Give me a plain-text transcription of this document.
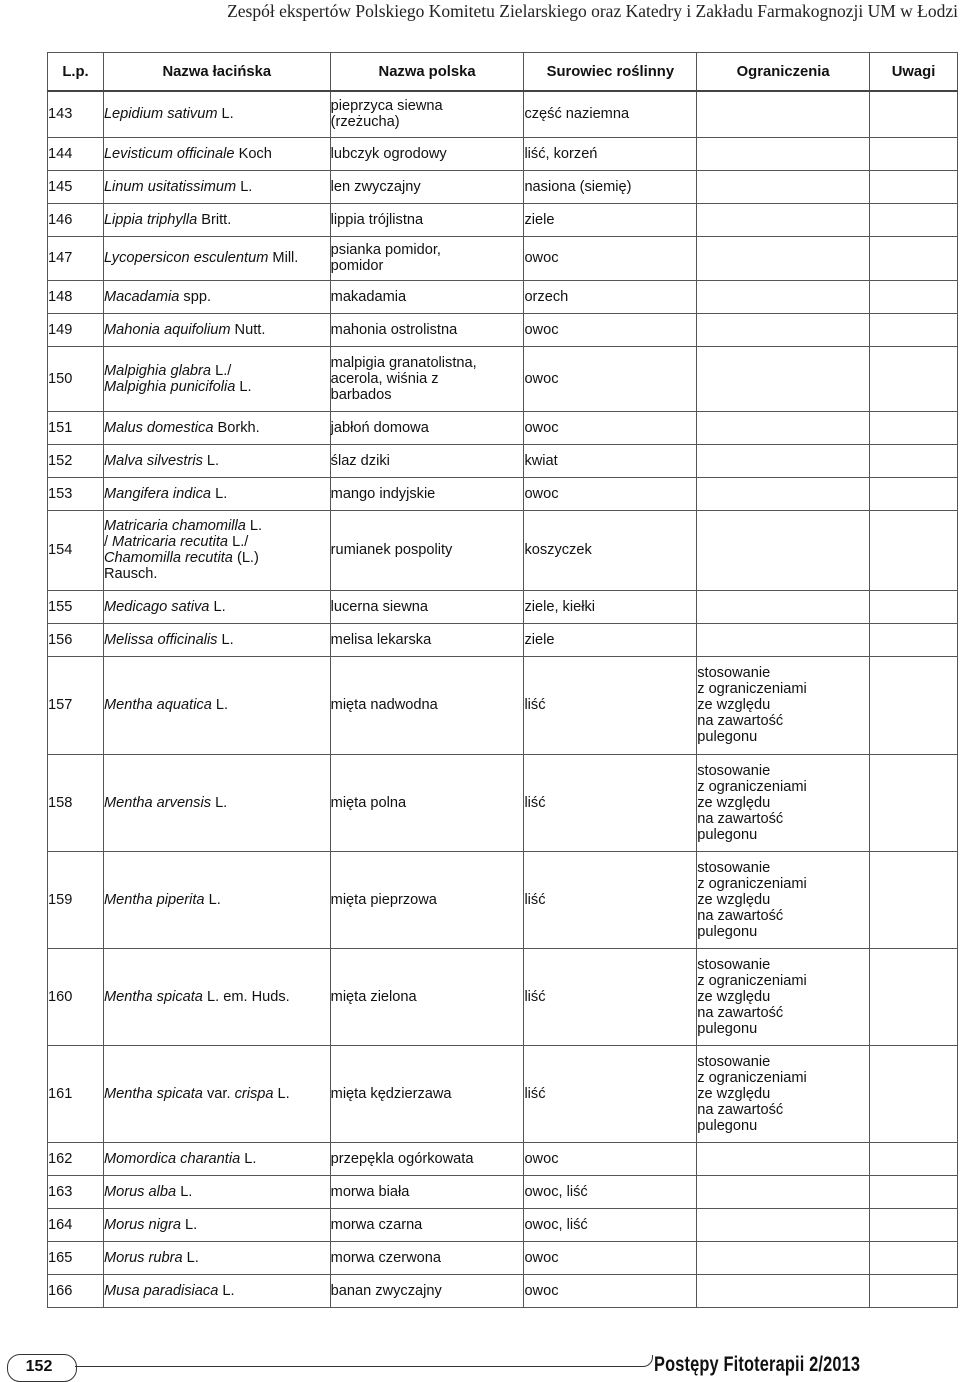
Zespół ekspertów Polskiego Komitetu Zielarskiego oraz Katedry i Zakładu Farmakognozji UM w Łodzi
L.p.	Nazwa łacińska	Nazwa polska	Surowiec roślinny	Ograniczenia	Uwagi
143	Lepidium sativum L.	pieprzyca siewna
(rzeżucha)	część naziemna		
144	Levisticum officinale Koch	lubczyk ogrodowy	liść, korzeń		
145	Linum usitatissimum L.	len zwyczajny	nasiona (siemię)		
146	Lippia triphylla Britt.	lippia trójlistna	ziele		
147	Lycopersicon esculentum Mill.	psianka pomidor,
pomidor	owoc		
148	Macadamia spp.	makadamia	orzech		
149	Mahonia aquifolium Nutt.	mahonia ostrolistna	owoc		
150	Malpighia glabra L./
Malpighia punicifolia L.	malpigia granatolistna,
acerola, wiśnia z
barbados	owoc		
151	Malus domestica Borkh.	jabłoń domowa	owoc		
152	Malva silvestris L.	ślaz dziki	kwiat		
153	Mangifera indica L.	mango indyjskie	owoc		
154	Matricaria chamomilla L.
/ Matricaria recutita L./
Chamomilla recutita (L.)
Rausch.	rumianek pospolity	koszyczek		
155	Medicago sativa L.	lucerna siewna	ziele, kiełki		
156	Melissa officinalis L.	melisa lekarska	ziele		
157	Mentha aquatica L.	mięta nadwodna	liść	stosowanie
z ograniczeniami
ze względu
na zawartość
pulegonu	
158	Mentha arvensis L.	mięta polna	liść	stosowanie
z ograniczeniami
ze względu
na zawartość
pulegonu	
159	Mentha piperita L.	mięta pieprzowa	liść	stosowanie
z ograniczeniami
ze względu
na zawartość
pulegonu	
160	Mentha spicata L. em. Huds.	mięta zielona	liść	stosowanie
z ograniczeniami
ze względu
na zawartość
pulegonu	
161	Mentha spicata var. crispa L.	mięta kędzierzawa	liść	stosowanie
z ograniczeniami
ze względu
na zawartość
pulegonu	
162	Momordica charantia L.	przepękla ogórkowata	owoc		
163	Morus alba L.	morwa biała	owoc, liść		
164	Morus nigra L.	morwa czarna	owoc, liść		
165	Morus rubra L.	morwa czerwona	owoc		
166	Musa paradisiaca L.	banan zwyczajny	owoc		
152	Postępy Fitoterapii 2/2013
